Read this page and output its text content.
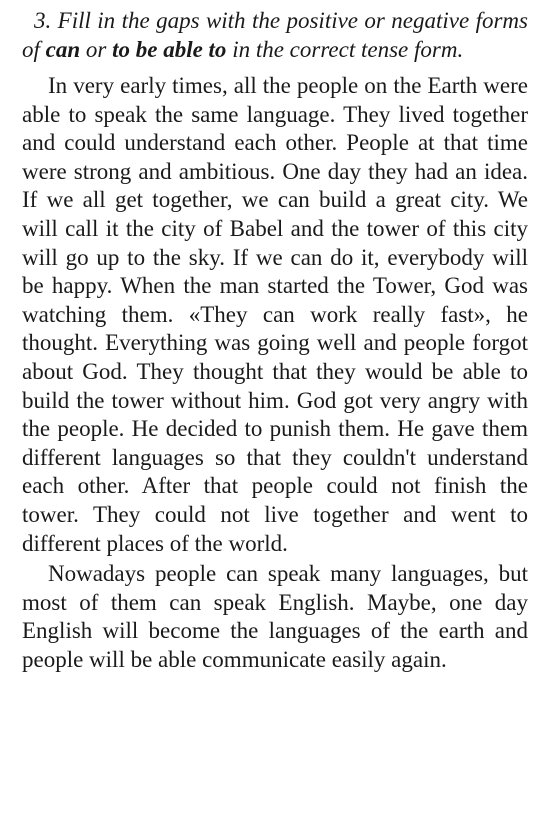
3. Fill in the gaps with the positive or negative forms of can or to be able to in the correct tense form.

In very early times, all the people on the Earth were able to speak the same language. They lived together and could understand each other. People at that time were strong and ambitious. One day they had an idea. If we all get together, we can build a great city. We will call it the city of Babel and the tower of this city will go up to the sky. If we can do it, everybody will be happy. When the man started the Tower, God was watching them. «They can work really fast», he thought. Everything was going well and people forgot about God. They thought that they would be able to build the tower without him. God got very angry with the people. He decided to punish them. He gave them different languages so that they couldn't understand each other. After that people could not finish the tower. They could not live together and went to different places of the world.

Nowadays people can speak many languages, but most of them can speak English. Maybe, one day English will become the languages of the earth and people will be able communicate easily again.
